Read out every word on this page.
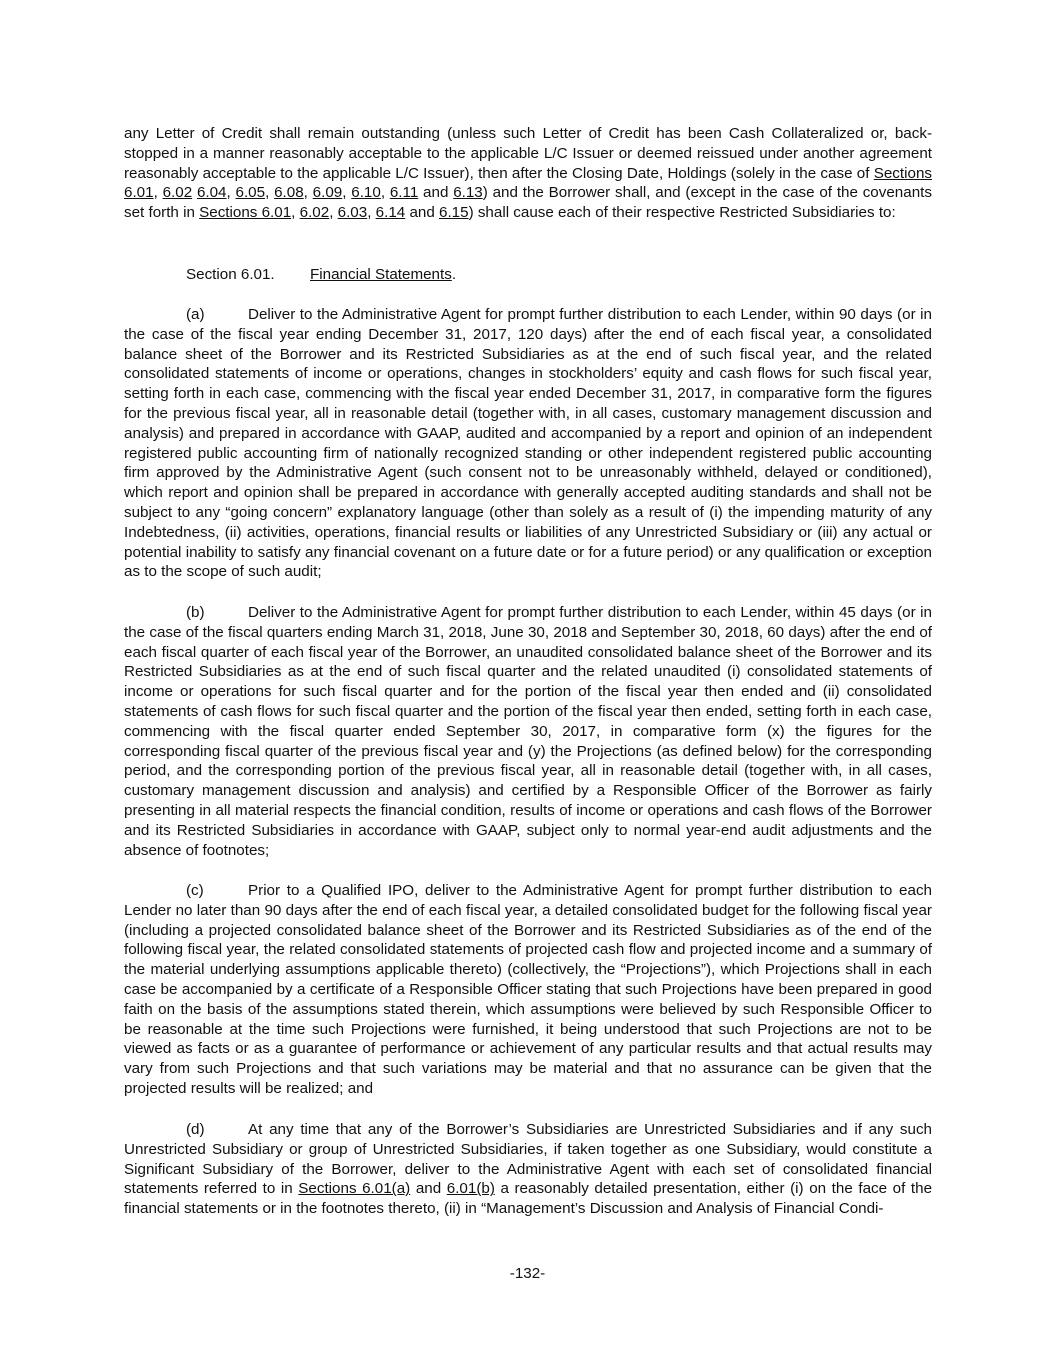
any Letter of Credit shall remain outstanding (unless such Letter of Credit has been Cash Collateralized or, back-stopped in a manner reasonably acceptable to the applicable L/C Issuer or deemed reissued under another agreement reasonably acceptable to the applicable L/C Issuer), then after the Closing Date, Holdings (solely in the case of Sections 6.01, 6.02 6.04, 6.05, 6.08, 6.09, 6.10, 6.11 and 6.13) and the Borrower shall, and (except in the case of the covenants set forth in Sections 6.01, 6.02, 6.03, 6.14 and 6.15) shall cause each of their respective Restricted Subsidiaries to:

Section 6.01. Financial Statements.

(a)	Deliver to the Administrative Agent for prompt further distribution to each Lender, within 90 days (or in the case of the fiscal year ending December 31, 2017, 120 days) after the end of each fiscal year, a consolidated balance sheet of the Borrower and its Restricted Subsidiaries as at the end of such fiscal year, and the related consolidated statements of income or operations, changes in stockholders’ equity and cash flows for such fiscal year, setting forth in each case, commencing with the fiscal year ended December 31, 2017, in comparative form the figures for the previous fiscal year, all in reasonable detail (together with, in all cases, customary management discussion and analysis) and prepared in accordance with GAAP, audited and accompanied by a report and opinion of an independent registered public accounting firm of nationally recognized standing or other independent registered public accounting firm approved by the Administrative Agent (such consent not to be unreasonably withheld, delayed or conditioned), which report and opinion shall be prepared in accordance with generally accepted auditing standards and shall not be subject to any “going concern” explanatory language (other than solely as a result of (i) the impending maturity of any Indebtedness, (ii) activities, operations, financial results or liabilities of any Unrestricted Subsidiary or (iii) any actual or potential inability to satisfy any financial covenant on a future date or for a future period) or any qualification or exception as to the scope of such audit;

(b)	Deliver to the Administrative Agent for prompt further distribution to each Lender, within 45 days (or in the case of the fiscal quarters ending March 31, 2018, June 30, 2018 and September 30, 2018, 60 days) after the end of each fiscal quarter of each fiscal year of the Borrower, an unaudited consolidated balance sheet of the Borrower and its Restricted Subsidiaries as at the end of such fiscal quarter and the related unaudited (i) consolidated statements of income or operations for such fiscal quarter and for the portion of the fiscal year then ended and (ii) consolidated statements of cash flows for such fiscal quarter and the portion of the fiscal year then ended, setting forth in each case, commencing with the fiscal quarter ended September 30, 2017, in comparative form (x) the figures for the corresponding fiscal quarter of the previous fiscal year and (y) the Projections (as defined below) for the corresponding period, and the corresponding portion of the previous fiscal year, all in reasonable detail (together with, in all cases, customary management discussion and analysis) and certified by a Responsible Officer of the Borrower as fairly presenting in all material respects the financial condition, results of income or operations and cash flows of the Borrower and its Restricted Subsidiaries in accordance with GAAP, subject only to normal year-end audit adjustments and the absence of footnotes;

(c)	Prior to a Qualified IPO, deliver to the Administrative Agent for prompt further distribution to each Lender no later than 90 days after the end of each fiscal year, a detailed consolidated budget for the following fiscal year (including a projected consolidated balance sheet of the Borrower and its Restricted Subsidiaries as of the end of the following fiscal year, the related consolidated statements of projected cash flow and projected income and a summary of the material underlying assumptions applicable thereto) (collectively, the “Projections”), which Projections shall in each case be accompanied by a certificate of a Responsible Officer stating that such Projections have been prepared in good faith on the basis of the assumptions stated therein, which assumptions were believed by such Responsible Officer to be reasonable at the time such Projections were furnished, it being understood that such Projections are not to be viewed as facts or as a guarantee of performance or achievement of any particular results and that actual results may vary from such Projections and that such variations may be material and that no assurance can be given that the projected results will be realized; and

(d)	At any time that any of the Borrower’s Subsidiaries are Unrestricted Subsidiaries and if any such Unrestricted Subsidiary or group of Unrestricted Subsidiaries, if taken together as one Subsidiary, would constitute a Significant Subsidiary of the Borrower, deliver to the Administrative Agent with each set of consolidated financial statements referred to in Sections 6.01(a) and 6.01(b) a reasonably detailed presentation, either (i) on the face of the financial statements or in the footnotes thereto, (ii) in “Management’s Discussion and Analysis of Financial Condi-

-132-
